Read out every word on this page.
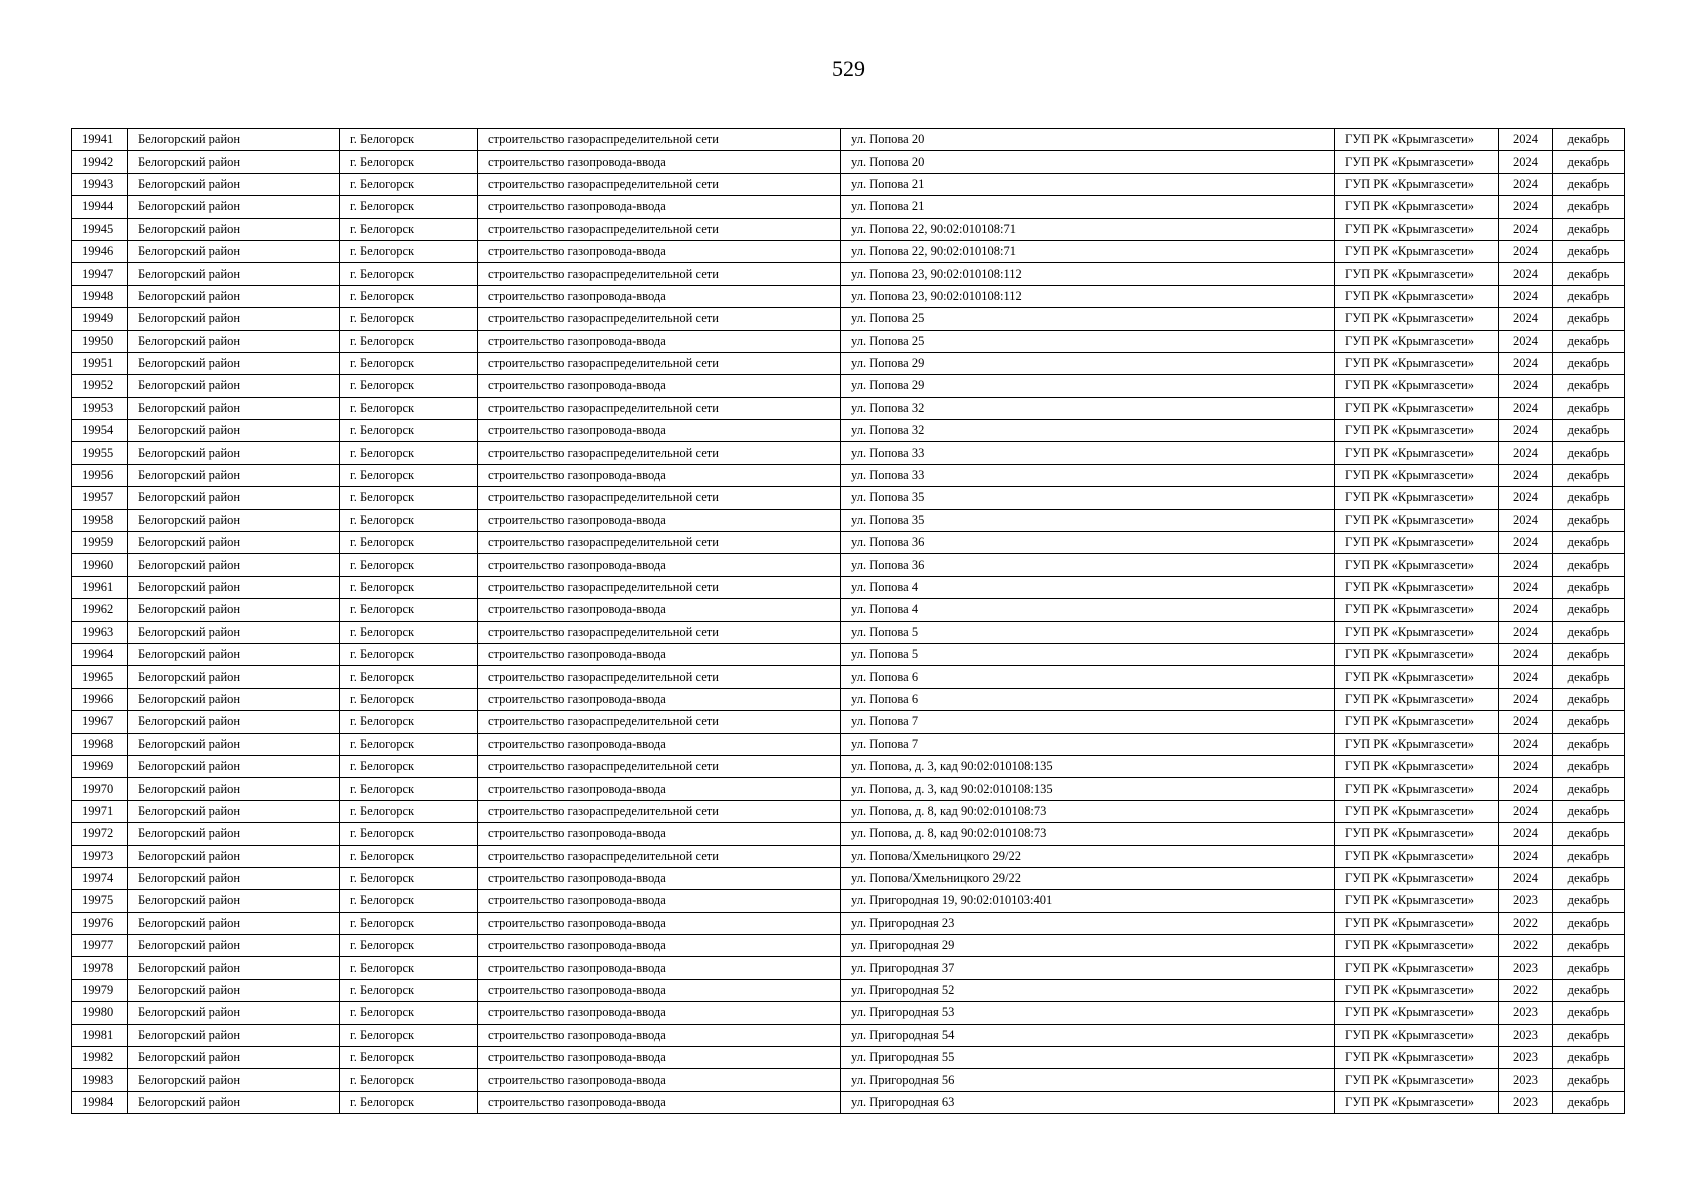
529
19941	Белогорский район	г. Белогорск	строительство газораспределительной сети	ул. Попова 20	ГУП РК «Крымгазсети»	2024	декабрь
19942	Белогорский район	г. Белогорск	строительство газопровода-ввода	ул. Попова 20	ГУП РК «Крымгазсети»	2024	декабрь
19943	Белогорский район	г. Белогорск	строительство газораспределительной сети	ул. Попова 21	ГУП РК «Крымгазсети»	2024	декабрь
19944	Белогорский район	г. Белогорск	строительство газопровода-ввода	ул. Попова 21	ГУП РК «Крымгазсети»	2024	декабрь
19945	Белогорский район	г. Белогорск	строительство газораспределительной сети	ул. Попова 22, 90:02:010108:71	ГУП РК «Крымгазсети»	2024	декабрь
19946	Белогорский район	г. Белогорск	строительство газопровода-ввода	ул. Попова 22, 90:02:010108:71	ГУП РК «Крымгазсети»	2024	декабрь
19947	Белогорский район	г. Белогорск	строительство газораспределительной сети	ул. Попова 23, 90:02:010108:112	ГУП РК «Крымгазсети»	2024	декабрь
19948	Белогорский район	г. Белогорск	строительство газопровода-ввода	ул. Попова 23, 90:02:010108:112	ГУП РК «Крымгазсети»	2024	декабрь
19949	Белогорский район	г. Белогорск	строительство газораспределительной сети	ул. Попова 25	ГУП РК «Крымгазсети»	2024	декабрь
19950	Белогорский район	г. Белогорск	строительство газопровода-ввода	ул. Попова 25	ГУП РК «Крымгазсети»	2024	декабрь
19951	Белогорский район	г. Белогорск	строительство газораспределительной сети	ул. Попова 29	ГУП РК «Крымгазсети»	2024	декабрь
19952	Белогорский район	г. Белогорск	строительство газопровода-ввода	ул. Попова 29	ГУП РК «Крымгазсети»	2024	декабрь
19953	Белогорский район	г. Белогорск	строительство газораспределительной сети	ул. Попова 32	ГУП РК «Крымгазсети»	2024	декабрь
19954	Белогорский район	г. Белогорск	строительство газопровода-ввода	ул. Попова 32	ГУП РК «Крымгазсети»	2024	декабрь
19955	Белогорский район	г. Белогорск	строительство газораспределительной сети	ул. Попова 33	ГУП РК «Крымгазсети»	2024	декабрь
19956	Белогорский район	г. Белогорск	строительство газопровода-ввода	ул. Попова 33	ГУП РК «Крымгазсети»	2024	декабрь
19957	Белогорский район	г. Белогорск	строительство газораспределительной сети	ул. Попова 35	ГУП РК «Крымгазсети»	2024	декабрь
19958	Белогорский район	г. Белогорск	строительство газопровода-ввода	ул. Попова 35	ГУП РК «Крымгазсети»	2024	декабрь
19959	Белогорский район	г. Белогорск	строительство газораспределительной сети	ул. Попова 36	ГУП РК «Крымгазсети»	2024	декабрь
19960	Белогорский район	г. Белогорск	строительство газопровода-ввода	ул. Попова 36	ГУП РК «Крымгазсети»	2024	декабрь
19961	Белогорский район	г. Белогорск	строительство газораспределительной сети	ул. Попова 4	ГУП РК «Крымгазсети»	2024	декабрь
19962	Белогорский район	г. Белогорск	строительство газопровода-ввода	ул. Попова 4	ГУП РК «Крымгазсети»	2024	декабрь
19963	Белогорский район	г. Белогорск	строительство газораспределительной сети	ул. Попова 5	ГУП РК «Крымгазсети»	2024	декабрь
19964	Белогорский район	г. Белогорск	строительство газопровода-ввода	ул. Попова 5	ГУП РК «Крымгазсети»	2024	декабрь
19965	Белогорский район	г. Белогорск	строительство газораспределительной сети	ул. Попова 6	ГУП РК «Крымгазсети»	2024	декабрь
19966	Белогорский район	г. Белогорск	строительство газопровода-ввода	ул. Попова 6	ГУП РК «Крымгазсети»	2024	декабрь
19967	Белогорский район	г. Белогорск	строительство газораспределительной сети	ул. Попова 7	ГУП РК «Крымгазсети»	2024	декабрь
19968	Белогорский район	г. Белогорск	строительство газопровода-ввода	ул. Попова 7	ГУП РК «Крымгазсети»	2024	декабрь
19969	Белогорский район	г. Белогорск	строительство газораспределительной сети	ул. Попова, д. 3, кад 90:02:010108:135	ГУП РК «Крымгазсети»	2024	декабрь
19970	Белогорский район	г. Белогорск	строительство газопровода-ввода	ул. Попова, д. 3, кад 90:02:010108:135	ГУП РК «Крымгазсети»	2024	декабрь
19971	Белогорский район	г. Белогорск	строительство газораспределительной сети	ул. Попова, д. 8, кад 90:02:010108:73	ГУП РК «Крымгазсети»	2024	декабрь
19972	Белогорский район	г. Белогорск	строительство газопровода-ввода	ул. Попова, д. 8, кад 90:02:010108:73	ГУП РК «Крымгазсети»	2024	декабрь
19973	Белогорский район	г. Белогорск	строительство газораспределительной сети	ул. Попова/Хмельницкого 29/22	ГУП РК «Крымгазсети»	2024	декабрь
19974	Белогорский район	г. Белогорск	строительство газопровода-ввода	ул. Попова/Хмельницкого 29/22	ГУП РК «Крымгазсети»	2024	декабрь
19975	Белогорский район	г. Белогорск	строительство газопровода-ввода	ул. Пригородная 19, 90:02:010103:401	ГУП РК «Крымгазсети»	2023	декабрь
19976	Белогорский район	г. Белогорск	строительство газопровода-ввода	ул. Пригородная 23	ГУП РК «Крымгазсети»	2022	декабрь
19977	Белогорский район	г. Белогорск	строительство газопровода-ввода	ул. Пригородная 29	ГУП РК «Крымгазсети»	2022	декабрь
19978	Белогорский район	г. Белогорск	строительство газопровода-ввода	ул. Пригородная 37	ГУП РК «Крымгазсети»	2023	декабрь
19979	Белогорский район	г. Белогорск	строительство газопровода-ввода	ул. Пригородная 52	ГУП РК «Крымгазсети»	2022	декабрь
19980	Белогорский район	г. Белогорск	строительство газопровода-ввода	ул. Пригородная 53	ГУП РК «Крымгазсети»	2023	декабрь
19981	Белогорский район	г. Белогорск	строительство газопровода-ввода	ул. Пригородная 54	ГУП РК «Крымгазсети»	2023	декабрь
19982	Белогорский район	г. Белогорск	строительство газопровода-ввода	ул. Пригородная 55	ГУП РК «Крымгазсети»	2023	декабрь
19983	Белогорский район	г. Белогорск	строительство газопровода-ввода	ул. Пригородная 56	ГУП РК «Крымгазсети»	2023	декабрь
19984	Белогорский район	г. Белогорск	строительство газопровода-ввода	ул. Пригородная 63	ГУП РК «Крымгазсети»	2023	декабрь
